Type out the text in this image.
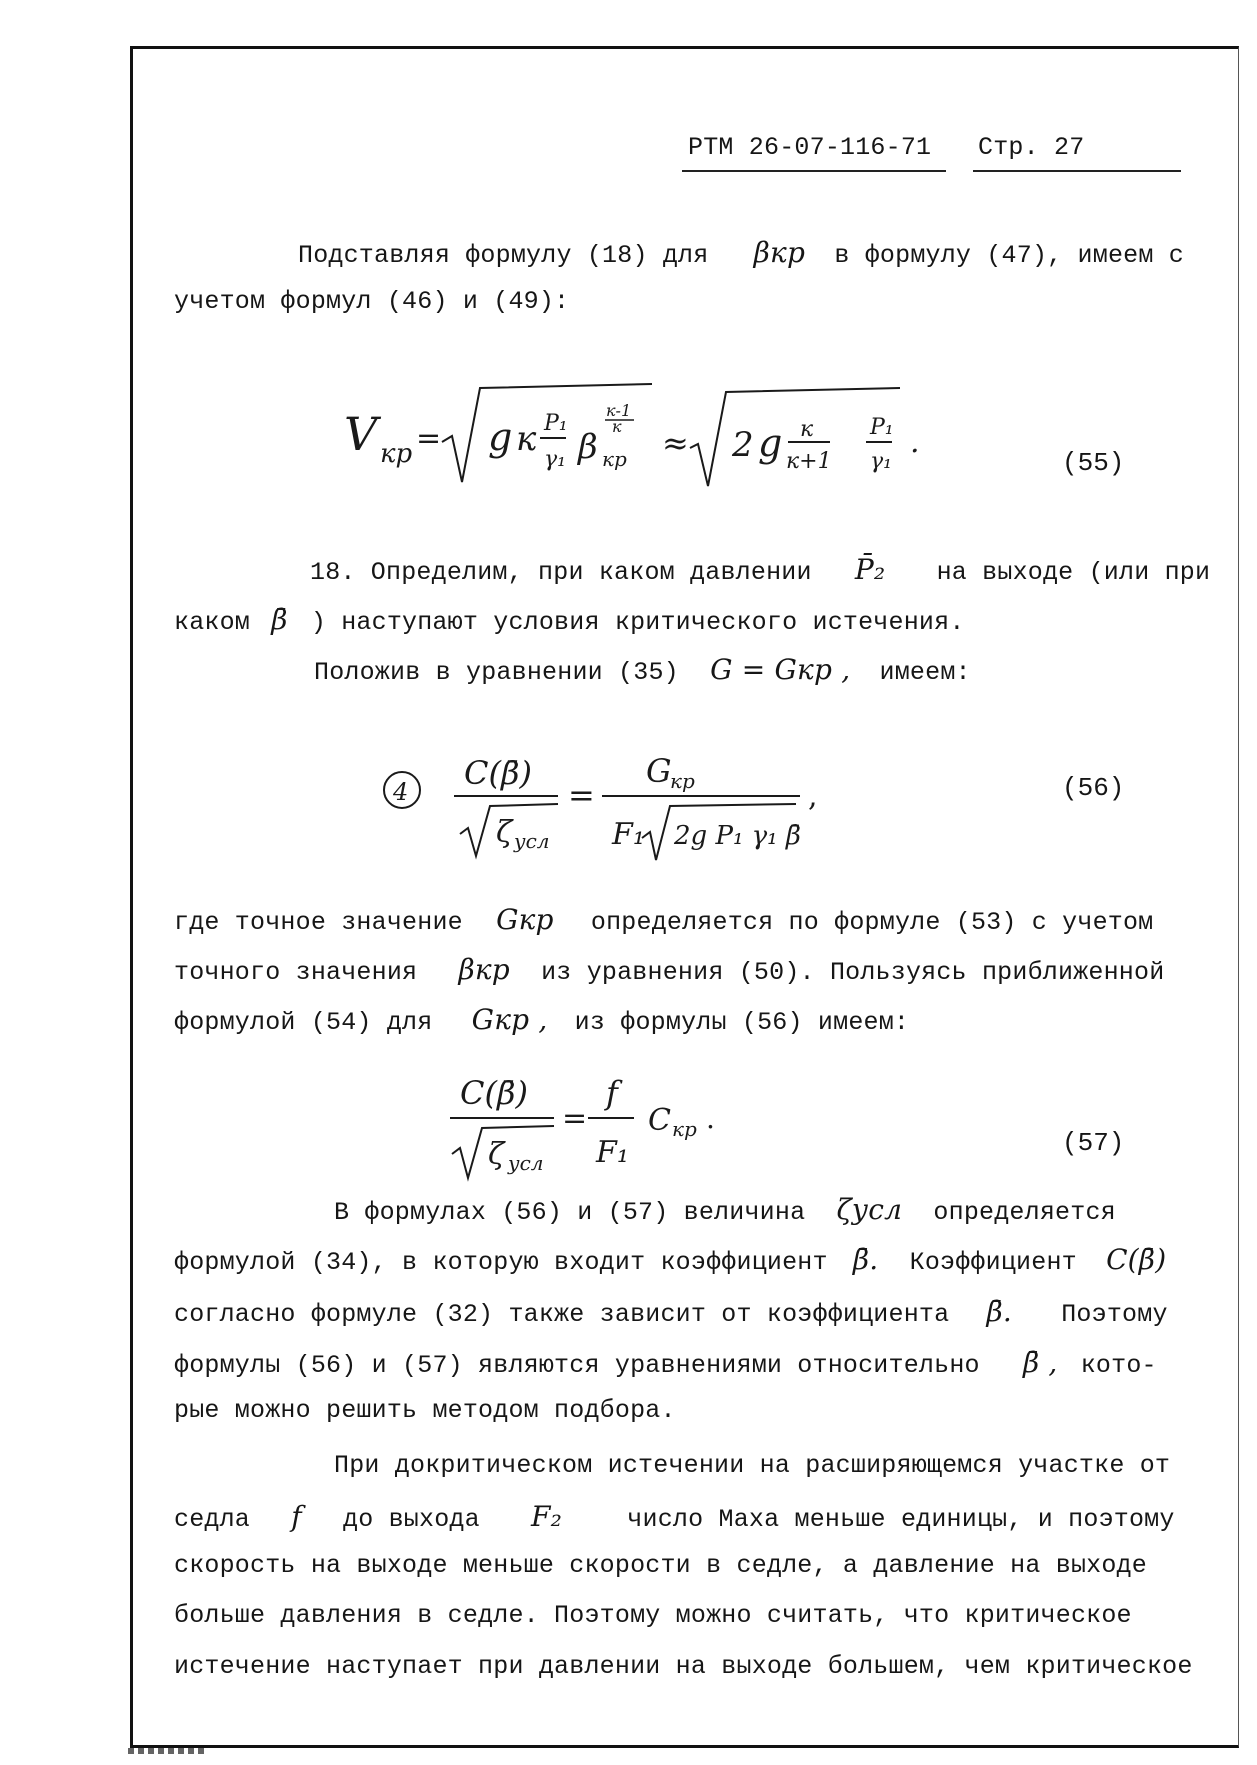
РТМ 26-07-116-71 Стр. 27
Подставляя формулу (18) для βкр в формулу (47), имеем с
учетом формул (46) и (49):
V кр = g к P₁
γ₁ β кр
к-1
к ≈ 2 g к
к+1
P₁
γ₁
.
(55)
18. Определим, при каком давлении P̄₂ на выходе (или при
каком β̄ ) наступают условия критического истечения.
Положив в уравнении (35) G = Gкр , имеем:
4 C(β̄)
ζ усл
=
G
кр
F₁ 2g P₁ γ₁ β̄
,	(56)
где точное значение Gкр определяется по формуле (53) с учетом
точного значения βкр из уравнения (50). Пользуясь приближенной
формулой (54) для Gкр , из формулы (56) имеем:
C(β̄)
ζ усл
=
f
F₁
C кр .
(57)
В формулах (56) и (57) величина ζусл определяется
формулой (34), в которую входит коэффициент β̄. Коэффициент C(β̄)
согласно формуле (32) также зависит от коэффициента β̄. Поэтому
формулы (56) и (57) являются уравнениями относительно β̄ , кото-
рые можно решить методом подбора.
При докритическом истечении на расширяющемся участке от
седла f до выхода F₂	число Маха меньше единицы, и поэтому
скорость на выходе меньше скорости в седле, а давление на выходе
больше давления в седле. Поэтому можно считать, что критическое
истечение наступает при давлении на выходе большем, чем критическое
